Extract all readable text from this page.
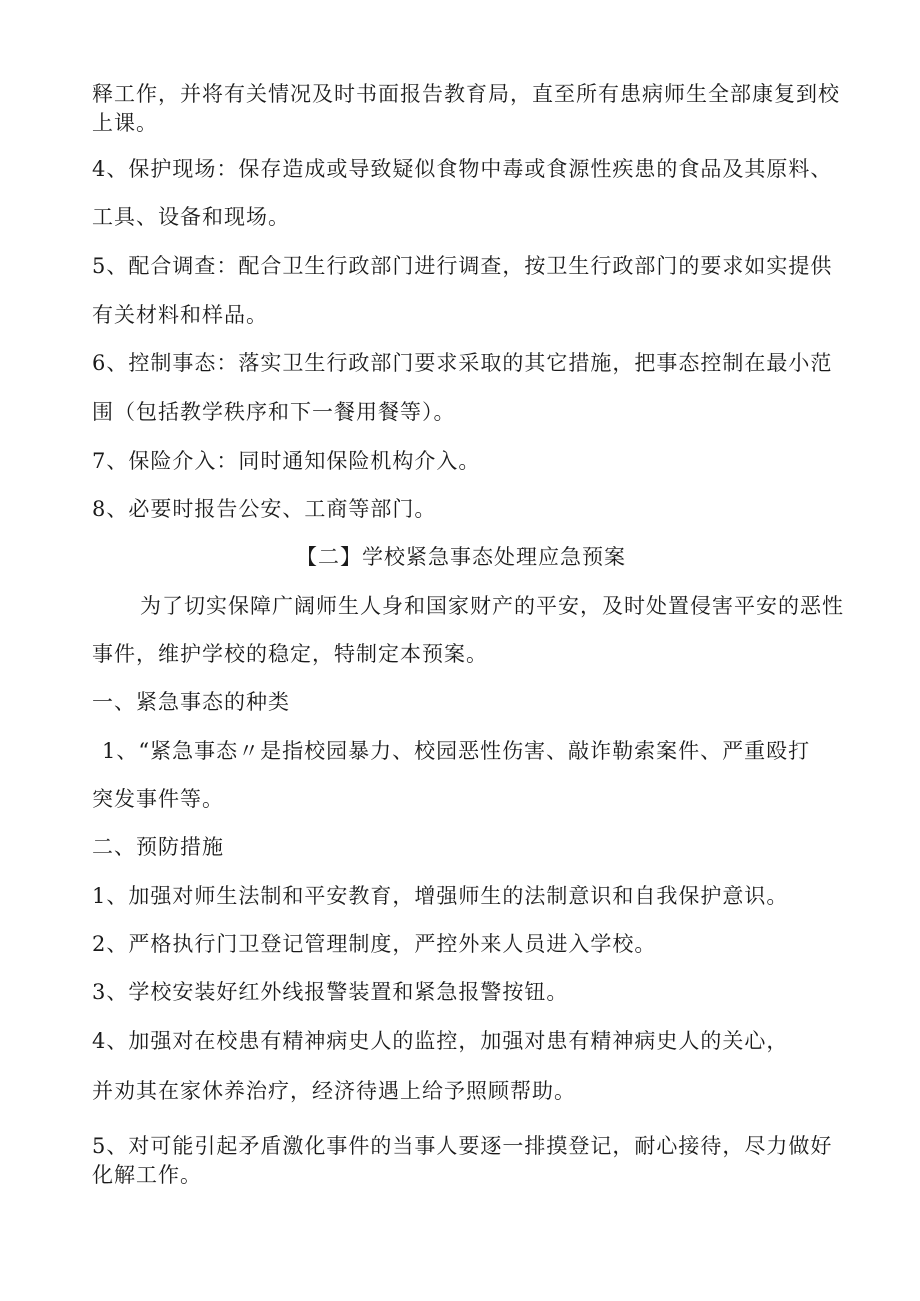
释工作，并将有关情况及时书面报告教育局，直至所有患病师生全部康复到校
上课。
4、保护现场：保存造成或导致疑似食物中毒或食源性疾患的食品及其原料、
工具、设备和现场。
5、配合调查：配合卫生行政部门进行调查，按卫生行政部门的要求如实提供
有关材料和样品。
6、控制事态：落实卫生行政部门要求采取的其它措施，把事态控制在最小范
围（包括教学秩序和下一餐用餐等）。
7、保险介入：同时通知保险机构介入。
8、必要时报告公安、工商等部门。
【二】学校紧急事态处理应急预案
为了切实保障广阔师生人身和国家财产的平安，及时处置侵害平安的恶性
事件，维护学校的稳定，特制定本预案。
一、紧急事态的种类
1、“紧急事态〃是指校园暴力、校园恶性伤害、敲诈勒索案件、严重殴打
突发事件等。
二、预防措施
1、加强对师生法制和平安教育，增强师生的法制意识和自我保护意识。
2、严格执行门卫登记管理制度，严控外来人员进入学校。
3、学校安装好红外线报警装置和紧急报警按钮。
4、加强对在校患有精神病史人的监控，加强对患有精神病史人的关心，
并劝其在家休养治疗，经济待遇上给予照顾帮助。
5、对可能引起矛盾激化事件的当事人要逐一排摸登记，耐心接待，尽力做好
化解工作。
